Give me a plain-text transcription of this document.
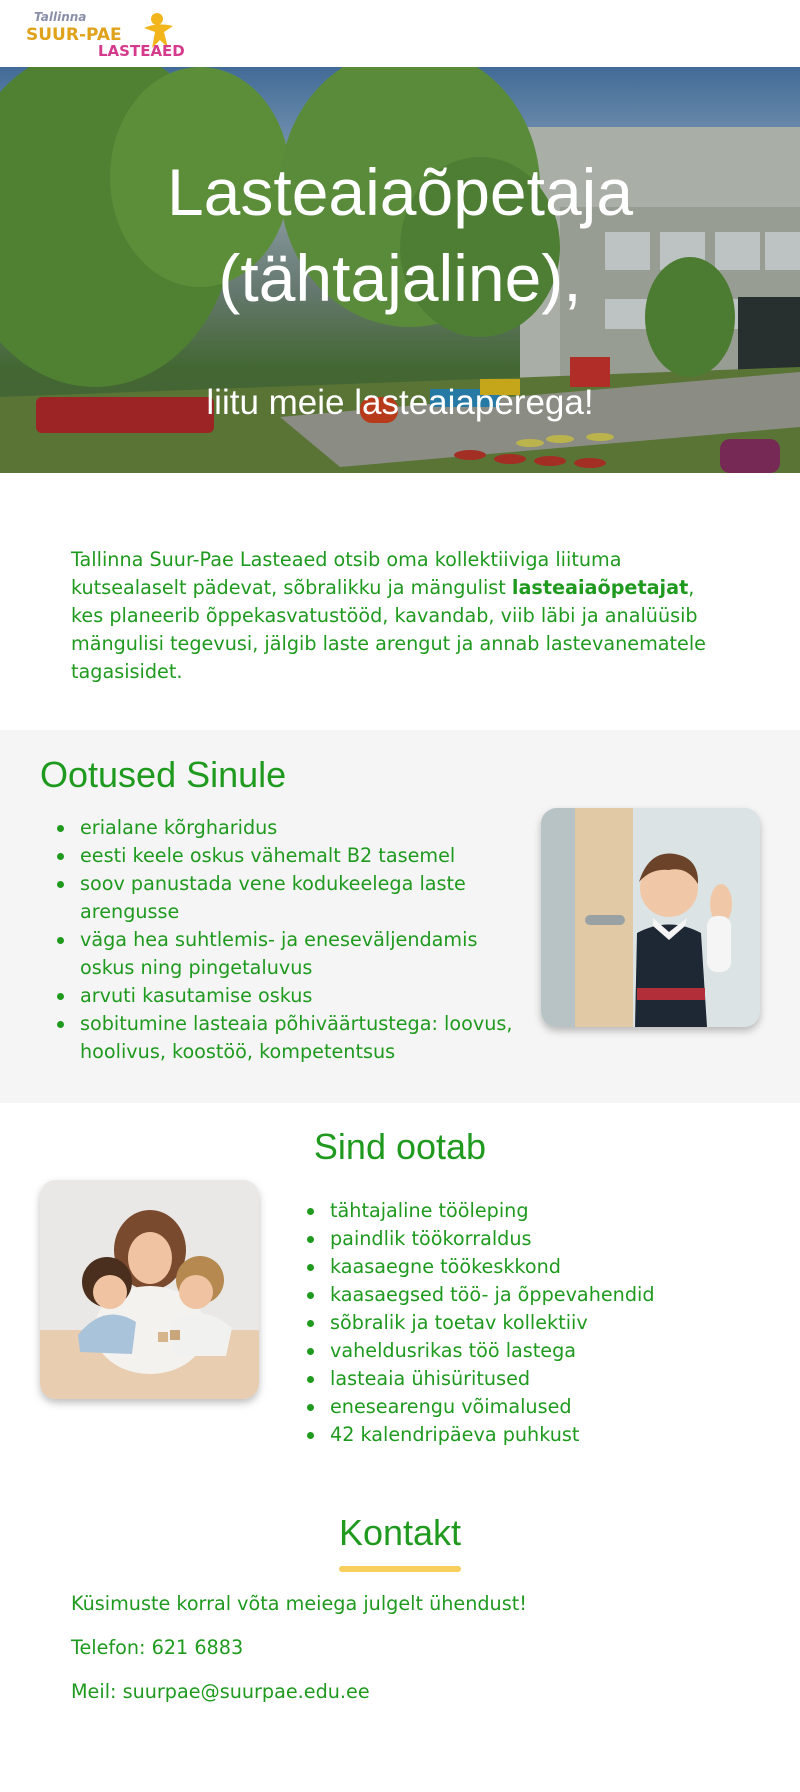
Tallinna
SUUR-PAE
LASTEAED
Lasteaiaõpetaja
(tähtajaline),
liitu meie lasteaiaperega!
Tallinna Suur-Pae Lasteaed otsib oma kollektiiviga liituma kutsealaselt pädevat, sõbralikku ja mängulist lasteaiaõpetajat, kes planeerib õppekasvatustööd, kavandab, viib läbi ja analüüsib mängulisi tegevusi, jälgib laste arengut ja annab lastevanematele tagasisidet.
Ootused Sinule
erialane kõrgharidus
eesti keele oskus vähemalt B2 tasemel
soov panustada vene kodukeelega laste arengusse
väga hea suhtlemis- ja eneseväljendamis oskus ning pingetaluvus
arvuti kasutamise oskus
sobitumine lasteaia põhiväärtustega: loovus, hoolivus, koostöö, kompetentsus
Sind ootab
tähtajaline tööleping
paindlik töökorraldus
kaasaegne töökeskkond
kaasaegsed töö- ja õppevahendid
sõbralik ja toetav kollektiiv
vaheldusrikas töö lastega
lasteaia ühisüritused
enesearengu võimalused
42 kalendripäeva puhkust
Kontakt

Küsimuste korral võta meiega julgelt ühendust!

Telefon: 621 6883

Meil: suurpae@suurpae.edu.ee
